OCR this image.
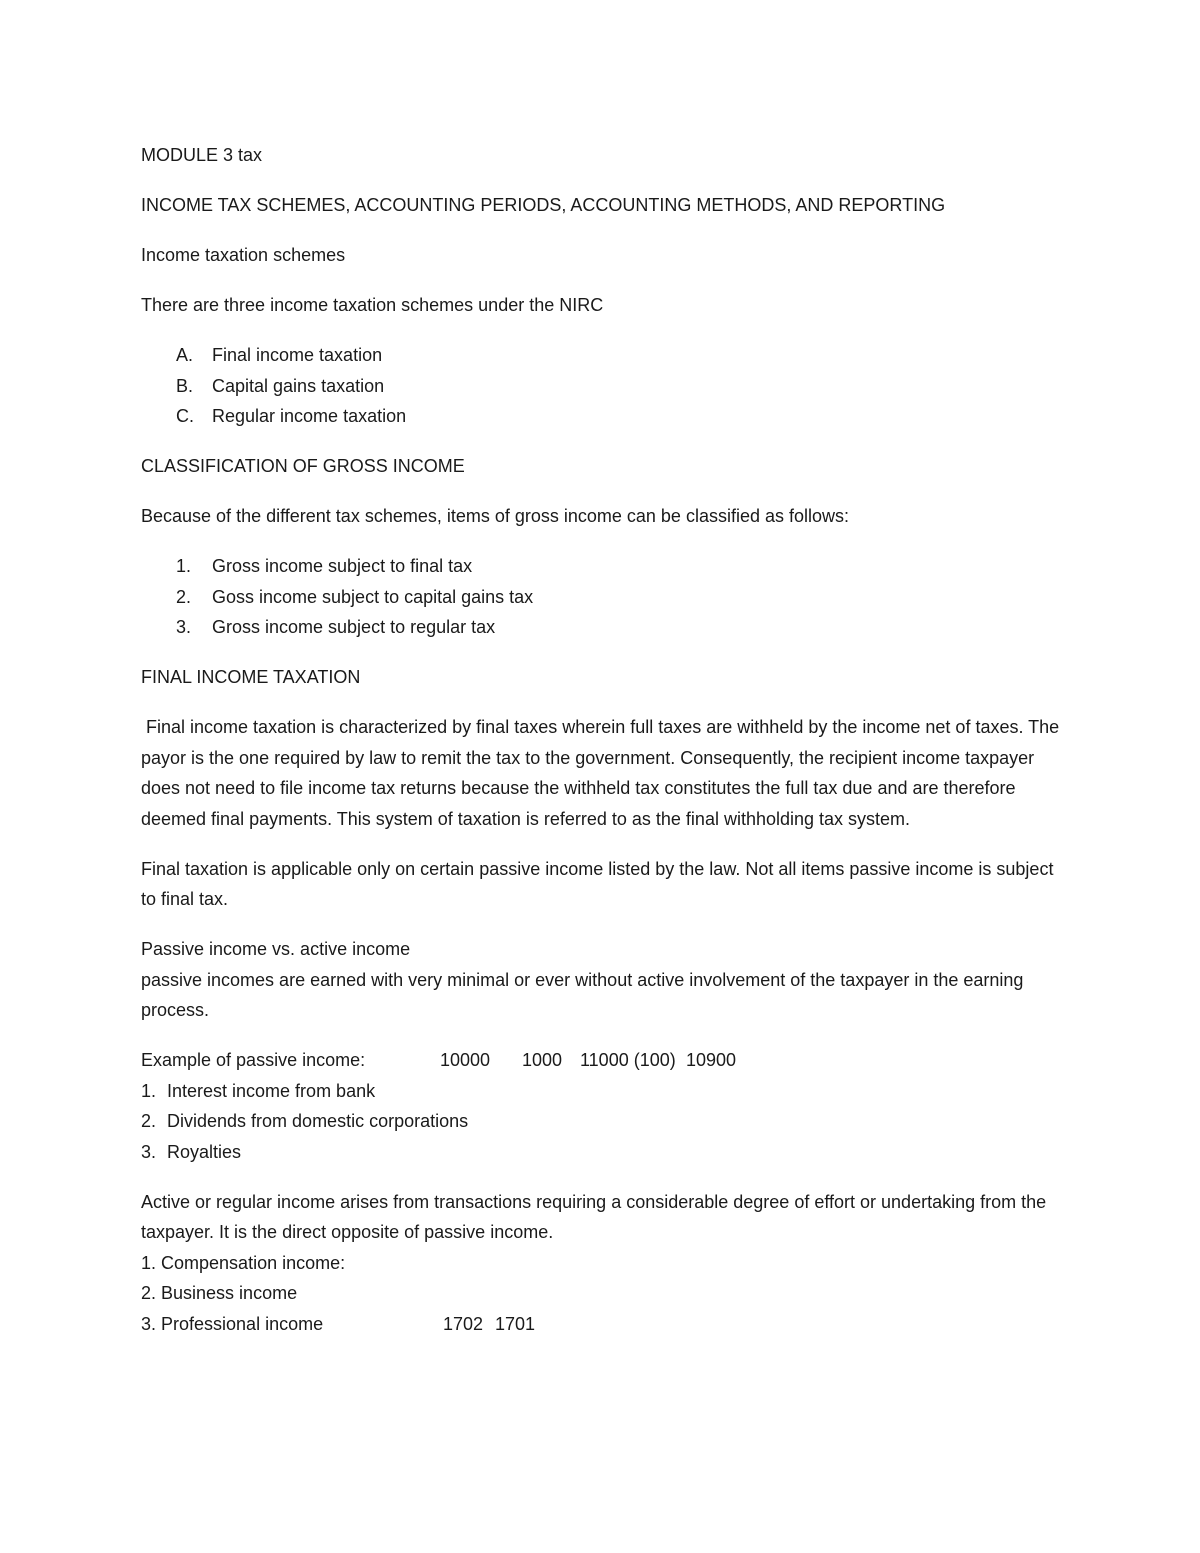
MODULE 3 tax

INCOME TAX SCHEMES, ACCOUNTING PERIODS, ACCOUNTING METHODS, AND REPORTING

Income taxation schemes

There are three income taxation schemes under the NIRC

A.	Final income taxation
B.	Capital gains taxation
C.	Regular income taxation

CLASSIFICATION OF GROSS INCOME

Because of the different tax schemes, items of gross income can be classified as follows:

1.	Gross income subject to final tax
2.	Goss income subject to capital gains tax
3.	Gross income subject to regular tax

FINAL INCOME TAXATION

Final income taxation is characterized by final taxes wherein full taxes are withheld by the income net of taxes. The payor is the one required by law to remit the tax to the government. Consequently, the recipient income taxpayer does not need to file income tax returns because the withheld tax constitutes the full tax due and are therefore deemed final payments. This system of taxation is referred to as the final withholding tax system.

Final taxation is applicable only on certain passive income listed by the law. Not all items passive income is subject to final tax.

Passive income vs. active income

passive incomes are earned with very minimal or ever without active involvement of the taxpayer in the earning process.

Example of passive income:	10000 1000 11000 (100) 10900

1. Interest income from bank
2. Dividends from domestic corporations
3. Royalties

Active or regular income arises from transactions requiring a considerable degree of effort or undertaking from the taxpayer. It is the direct opposite of passive income.

1. Compensation income:
2. Business income
3. Professional income	1702 1701
